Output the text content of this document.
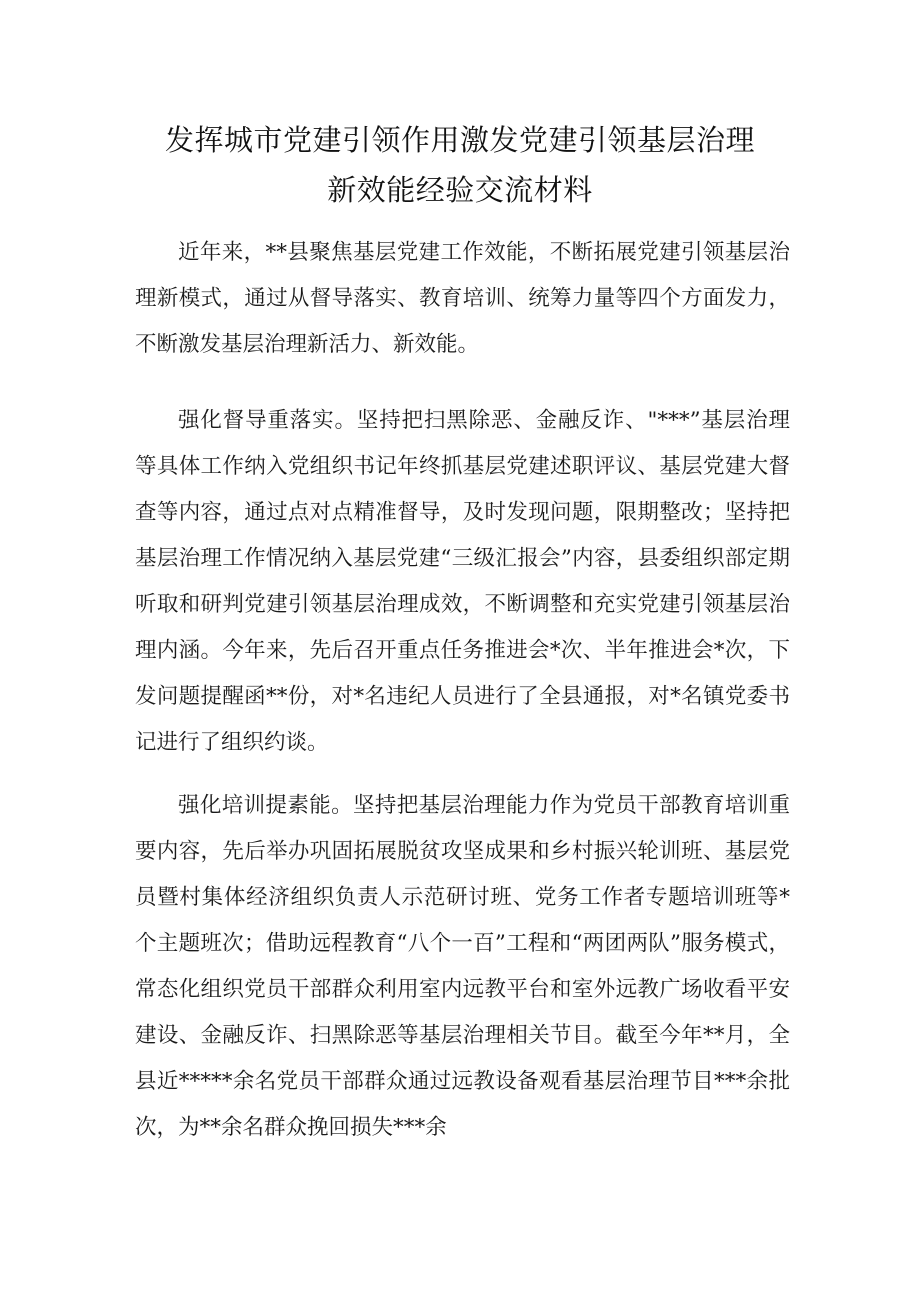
发挥城市党建引领作用激发党建引领基层治理
新效能经验交流材料

近年来，**县聚焦基层党建工作效能，不断拓展党建引领基层治理新模式，通过从督导落实、教育培训、统筹力量等四个方面发力，不断激发基层治理新活力、新效能。

强化督导重落实。坚持把扫黑除恶、金融反诈、"***”基层治理等具体工作纳入党组织书记年终抓基层党建述职评议、基层党建大督查等内容，通过点对点精准督导，及时发现问题，限期整改；坚持把基层治理工作情况纳入基层党建“三级汇报会”内容，县委组织部定期听取和研判党建引领基层治理成效，不断调整和充实党建引领基层治理内涵。今年来，先后召开重点任务推进会*次、半年推进会*次，下发问题提醒函**份，对*名违纪人员进行了全县通报，对*名镇党委书记进行了组织约谈。

强化培训提素能。坚持把基层治理能力作为党员干部教育培训重要内容，先后举办巩固拓展脱贫攻坚成果和乡村振兴轮训班、基层党员暨村集体经济组织负责人示范研讨班、党务工作者专题培训班等*个主题班次；借助远程教育“八个一百”工程和“两团两队”服务模式，常态化组织党员干部群众利用室内远教平台和室外远教广场收看平安建设、金融反诈、扫黑除恶等基层治理相关节目。截至今年**月，全县近*****余名党员干部群众通过远教设备观看基层治理节目***余批次，为**余名群众挽回损失***余
